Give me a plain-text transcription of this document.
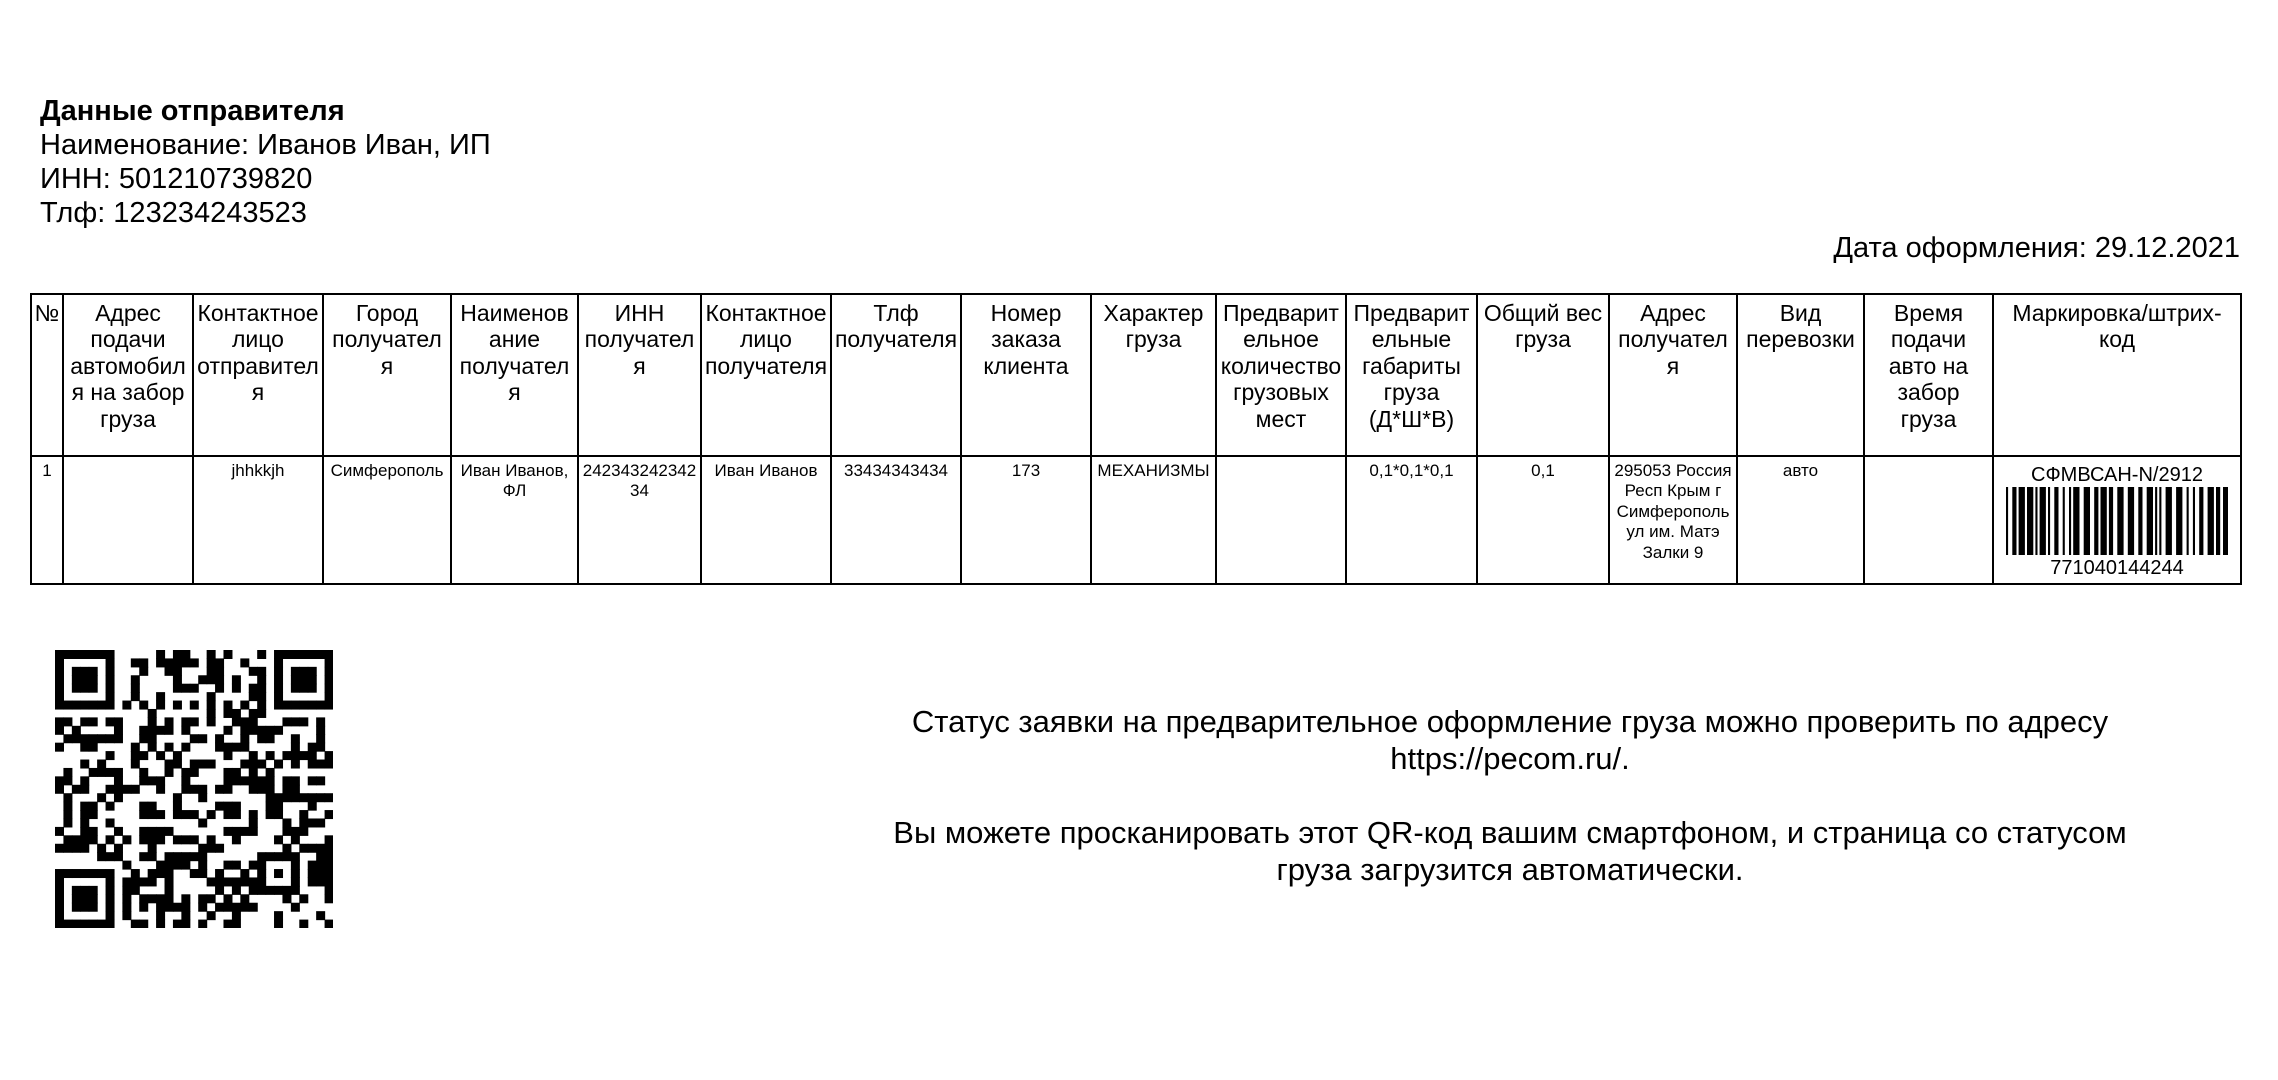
Данные отправителя
Наименование: Иванов Иван, ИП
ИНН: 501210739820
Тлф: 123234243523
Дата оформления: 29.12.2021
№	Адрес подачи автомобиля на забор груза	Контактное лицо отправителя	Город получателя	Наименование получателя	ИНН получателя	Контактное лицо получателя	Тлф получателя	Номер заказа клиента	Характер груза	Предварительное количество грузовых мест	Предварительные габариты груза (Д*Ш*В)	Общий вес груза	Адрес получателя	Вид перевозки	Время подачи авто на забор груза	Маркировка/штрих-код
1		jhhkkjh	Симферополь	Иван Иванов, ФЛ	24234324234234	Иван Иванов	33434343434	173	МЕХАНИЗМЫ		0,1*0,1*0,1	0,1	295053 Россия Респ Крым г Симферополь ул им. Матэ Залки 9	авто		СФМВСАН-N/2912
771040144244

Статус заявки на предварительное оформление груза можно проверить по адресу https://pecom.ru/.

Вы можете просканировать этот QR-код вашим смартфоном, и страница со статусом груза загрузится автоматически.
